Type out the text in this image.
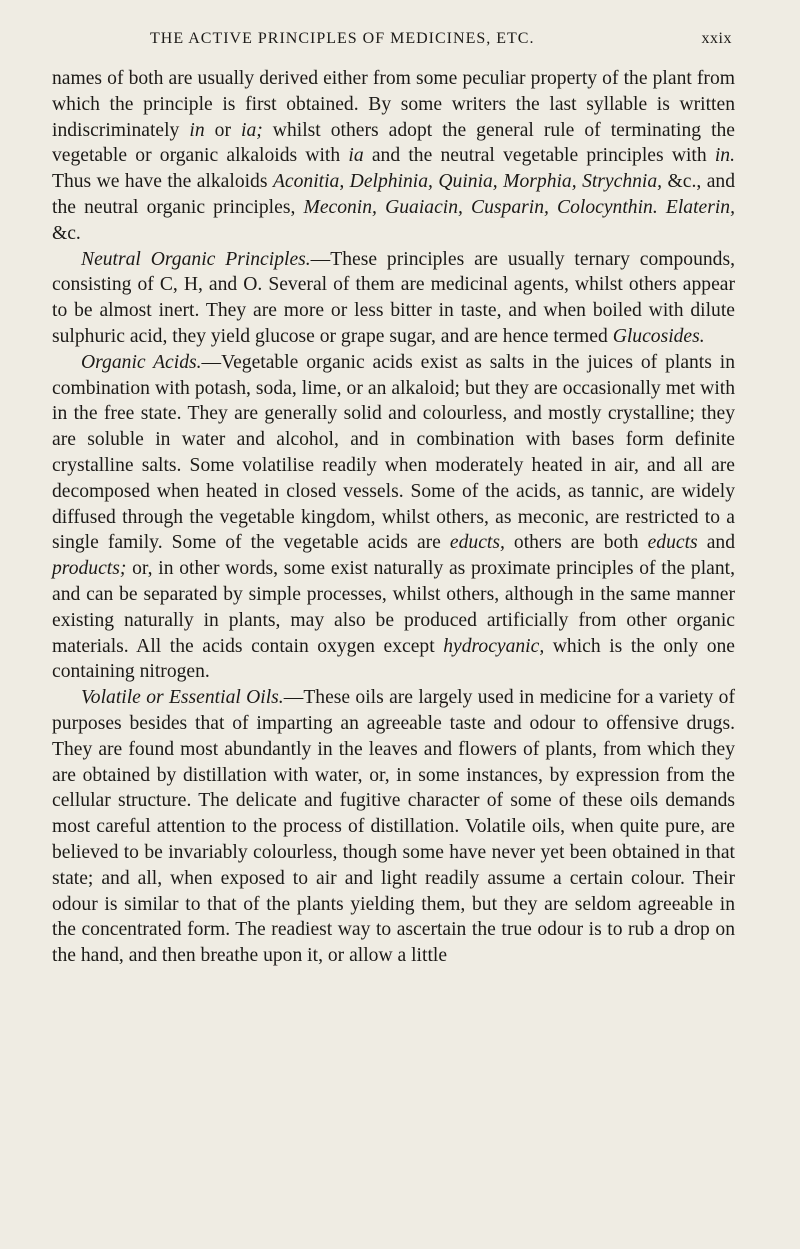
THE ACTIVE PRINCIPLES OF MEDICINES, ETC.	xxix

names of both are usually derived either from some peculiar property of the plant from which the principle is first obtained. By some writers the last syllable is written indiscriminately in or ia; whilst others adopt the general rule of terminating the vegetable or organic alkaloids with ia and the neutral vegetable principles with in. Thus we have the alkaloids Aconitia, Delphinia, Quinia, Morphia, Strychnia, &c., and the neutral organic principles, Meconin, Guaiacin, Cusparin, Colocynthin. Elaterin, &c.

Neutral Organic Principles.—These principles are usually ternary compounds, consisting of C, H, and O. Several of them are medicinal agents, whilst others appear to be almost inert. They are more or less bitter in taste, and when boiled with dilute sulphuric acid, they yield glucose or grape sugar, and are hence termed Glucosides.

Organic Acids.—Vegetable organic acids exist as salts in the juices of plants in combination with potash, soda, lime, or an alkaloid; but they are occasionally met with in the free state. They are generally solid and colourless, and mostly crystalline; they are soluble in water and alcohol, and in combination with bases form definite crystalline salts. Some volatilise readily when moderately heated in air, and all are decomposed when heated in closed vessels. Some of the acids, as tannic, are widely diffused through the vegetable kingdom, whilst others, as meconic, are restricted to a single family. Some of the vegetable acids are educts, others are both educts and products; or, in other words, some exist naturally as proximate principles of the plant, and can be separated by simple processes, whilst others, although in the same manner existing naturally in plants, may also be produced artificially from other organic materials. All the acids contain oxygen except hydrocyanic, which is the only one containing nitrogen.

Volatile or Essential Oils.—These oils are largely used in medicine for a variety of purposes besides that of imparting an agreeable taste and odour to offensive drugs. They are found most abundantly in the leaves and flowers of plants, from which they are obtained by distillation with water, or, in some instances, by expression from the cellular structure. The delicate and fugitive character of some of these oils demands most careful attention to the process of distillation. Volatile oils, when quite pure, are believed to be invariably colourless, though some have never yet been obtained in that state; and all, when exposed to air and light readily assume a certain colour. Their odour is similar to that of the plants yielding them, but they are seldom agreeable in the concentrated form. The readiest way to ascertain the true odour is to rub a drop on the hand, and then breathe upon it, or allow a little
